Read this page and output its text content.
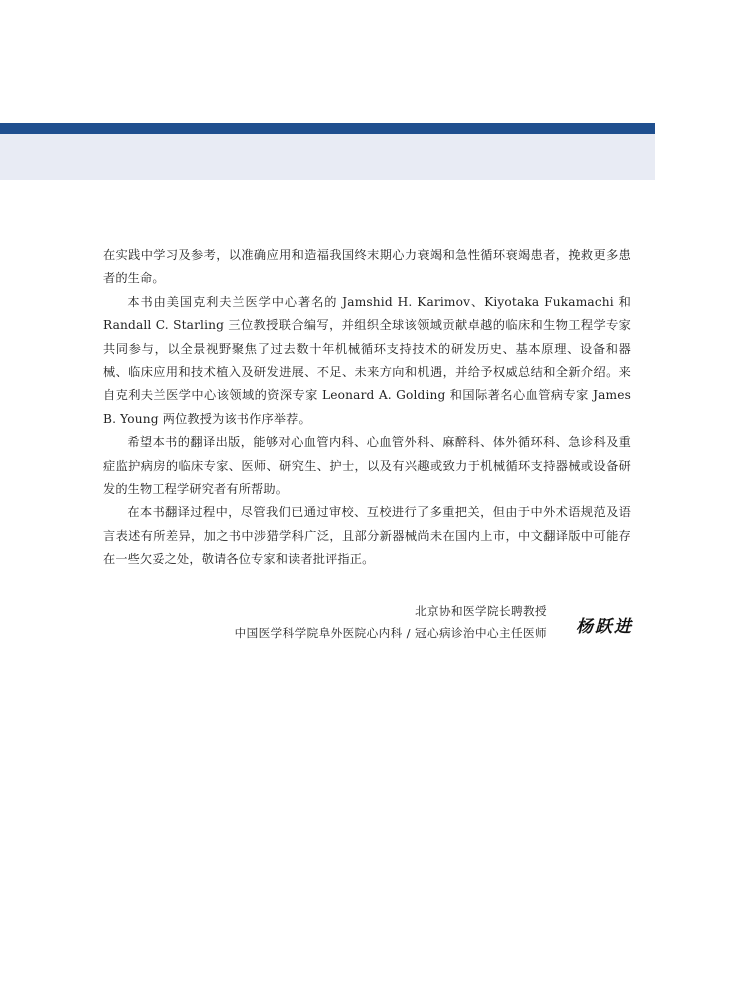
在实践中学习及参考，以准确应用和造福我国终末期心力衰竭和急性循环衰竭患者，挽救更多患者的生命。

本书由美国克利夫兰医学中心著名的 Jamshid H. Karimov、Kiyotaka Fukamachi 和 Randall C. Starling 三位教授联合编写，并组织全球该领域贡献卓越的临床和生物工程学专家共同参与，以全景视野聚焦了过去数十年机械循环支持技术的研发历史、基本原理、设备和器械、临床应用和技术植入及研发进展、不足、未来方向和机遇，并给予权威总结和全新介绍。来自克利夫兰医学中心该领域的资深专家 Leonard A. Golding 和国际著名心血管病专家 James B. Young 两位教授为该书作序举荐。

希望本书的翻译出版，能够对心血管内科、心血管外科、麻醉科、体外循环科、急诊科及重症监护病房的临床专家、医师、研究生、护士，以及有兴趣或致力于机械循环支持器械或设备研发的生物工程学研究者有所帮助。

在本书翻译过程中，尽管我们已通过审校、互校进行了多重把关，但由于中外术语规范及语言表述有所差异，加之书中涉猎学科广泛，且部分新器械尚未在国内上市，中文翻译版中可能存在一些欠妥之处，敬请各位专家和读者批评指正。

北京协和医学院长聘教授
中国医学科学院阜外医院心内科 / 冠心病诊治中心主任医师 杨跃进
